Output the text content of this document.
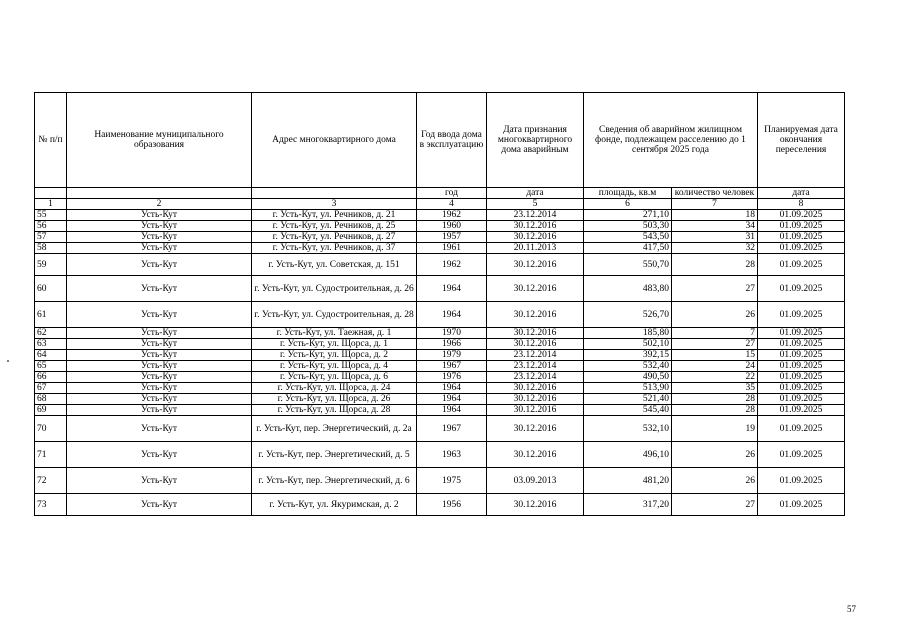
№ п/п	Наименование муниципального образования	Адрес многоквартирного дома	Год ввода дома в эксплуатацию	Дата признания многоквартирного дома аварийным	Сведения об аварийном жилищном фонде, подлежащем расселению до 1 сентября 2025 года		Планируемая дата окончания переселения
			год	дата	площадь, кв.м	количество человек	дата
1	2	3	4	5	6	7	8
55	Усть-Кут	г. Усть-Кут, ул. Речников, д. 21	1962	23.12.2014	271,10	18	01.09.2025
56	Усть-Кут	г. Усть-Кут, ул. Речников, д. 25	1960	30.12.2016	503,30	34	01.09.2025
57	Усть-Кут	г. Усть-Кут, ул. Речников, д. 27	1957	30.12.2016	543,50	31	01.09.2025
58	Усть-Кут	г. Усть-Кут, ул. Речников, д. 37	1961	20.11.2013	417,50	32	01.09.2025
59	Усть-Кут	г. Усть-Кут, ул. Советская, д. 151	1962	30.12.2016	550,70	28	01.09.2025
60	Усть-Кут	г. Усть-Кут, ул. Судостроительная, д. 26	1964	30.12.2016	483,80	27	01.09.2025
61	Усть-Кут	г. Усть-Кут, ул. Судостроительная, д. 28	1964	30.12.2016	526,70	26	01.09.2025
62	Усть-Кут	г. Усть-Кут, ул. Таежная, д. 1	1970	30.12.2016	185,80	7	01.09.2025
63	Усть-Кут	г. Усть-Кут, ул. Щорса, д. 1	1966	30.12.2016	502,10	27	01.09.2025
64	Усть-Кут	г. Усть-Кут, ул. Щорса, д. 2	1979	23.12.2014	392,15	15	01.09.2025
65	Усть-Кут	г. Усть-Кут, ул. Щорса, д. 4	1967	23.12.2014	532,40	24	01.09.2025
66	Усть-Кут	г. Усть-Кут, ул. Щорса, д. 6	1976	23.12.2014	490,50	22	01.09.2025
67	Усть-Кут	г. Усть-Кут, ул. Щорса, д. 24	1964	30.12.2016	513,90	35	01.09.2025
68	Усть-Кут	г. Усть-Кут, ул. Щорса, д. 26	1964	30.12.2016	521,40	28	01.09.2025
69	Усть-Кут	г. Усть-Кут, ул. Щорса, д. 28	1964	30.12.2016	545,40	28	01.09.2025
70	Усть-Кут	г. Усть-Кут, пер. Энергетический, д. 2а	1967	30.12.2016	532,10	19	01.09.2025
71	Усть-Кут	г. Усть-Кут, пер. Энергетический, д. 5	1963	30.12.2016	496,10	26	01.09.2025
72	Усть-Кут	г. Усть-Кут, пер. Энергетический, д. 6	1975	03.09.2013	481,20	26	01.09.2025
73	Усть-Кут	г. Усть-Кут, ул. Якуримская, д. 2	1956	30.12.2016	317,20	27	01.09.2025
57
